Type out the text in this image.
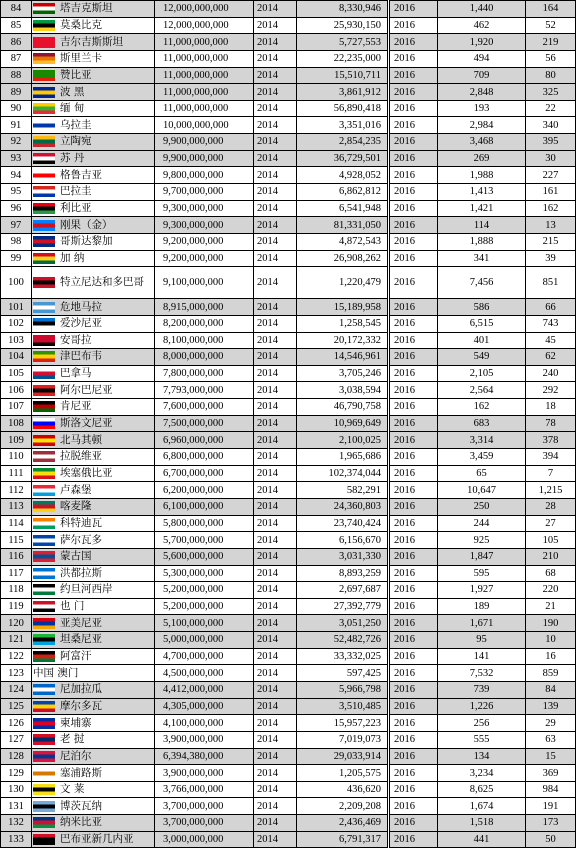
84	塔吉克斯坦	12,000,000,000	2014	8,330,946	2016	1,440	164
85	莫桑比克	12,000,000,000	2014	25,930,150	2016	462	52
86	吉尔吉斯斯坦	11,000,000,000	2014	5,727,553	2016	1,920	219
87	斯里兰卡	11,000,000,000	2014	22,235,000	2016	494	56
88	赞比亚	11,000,000,000	2014	15,510,711	2016	709	80
89	波 黑	11,000,000,000	2014	3,861,912	2016	2,848	325
90	缅 甸	11,000,000,000	2014	56,890,418	2016	193	22
91	乌拉圭	10,000,000,000	2014	3,351,016	2016	2,984	340
92	立陶宛	9,900,000,000	2014	2,854,235	2016	3,468	395
93	苏 丹	9,900,000,000	2014	36,729,501	2016	269	30
94	格鲁吉亚	9,800,000,000	2014	4,928,052	2016	1,988	227
95	巴拉圭	9,700,000,000	2014	6,862,812	2016	1,413	161
96	利比亚	9,300,000,000	2014	6,541,948	2016	1,421	162
97	刚果（金）	9,300,000,000	2014	81,331,050	2016	114	13
98	哥斯达黎加	9,200,000,000	2014	4,872,543	2016	1,888	215
99	加 纳	9,200,000,000	2014	26,908,262	2016	341	39
100	特立尼达和多巴哥	9,100,000,000	2014	1,220,479	2016	7,456	851
101	危地马拉	8,915,000,000	2014	15,189,958	2016	586	66
102	爱沙尼亚	8,200,000,000	2014	1,258,545	2016	6,515	743
103	安哥拉	8,100,000,000	2014	20,172,332	2016	401	45
104	津巴布韦	8,000,000,000	2014	14,546,961	2016	549	62
105	巴拿马	7,800,000,000	2014	3,705,246	2016	2,105	240
106	阿尔巴尼亚	7,793,000,000	2014	3,038,594	2016	2,564	292
107	肯尼亚	7,600,000,000	2014	46,790,758	2016	162	18
108	斯洛文尼亚	7,500,000,000	2014	10,969,649	2016	683	78
109	北马其顿	6,960,000,000	2014	2,100,025	2016	3,314	378
110	拉脱维亚	6,800,000,000	2014	1,965,686	2016	3,459	394
111	埃塞俄比亚	6,700,000,000	2014	102,374,044	2016	65	7
112	卢森堡	6,200,000,000	2014	582,291	2016	10,647	1,215
113	喀麦隆	6,100,000,000	2014	24,360,803	2016	250	28
114	科特迪瓦	5,800,000,000	2014	23,740,424	2016	244	27
115	萨尔瓦多	5,700,000,000	2014	6,156,670	2016	925	105
116	蒙古国	5,600,000,000	2014	3,031,330	2016	1,847	210
117	洪都拉斯	5,300,000,000	2014	8,893,259	2016	595	68
118	约旦河西岸	5,200,000,000	2014	2,697,687	2016	1,927	220
119	也 门	5,200,000,000	2014	27,392,779	2016	189	21
120	亚美尼亚	5,100,000,000	2014	3,051,250	2016	1,671	190
121	坦桑尼亚	5,000,000,000	2014	52,482,726	2016	95	10
122	阿富汗	4,700,000,000	2014	33,332,025	2016	141	16
123	中国 澳门	4,500,000,000	2014	597,425	2016	7,532	859
124	尼加拉瓜	4,412,000,000	2014	5,966,798	2016	739	84
125	摩尔多瓦	4,305,000,000	2014	3,510,485	2016	1,226	139
126	柬埔寨	4,100,000,000	2014	15,957,223	2016	256	29
127	老 挝	3,900,000,000	2014	7,019,073	2016	555	63
128	尼泊尔	6,394,380,000	2014	29,033,914	2016	134	15
129	塞浦路斯	3,900,000,000	2014	1,205,575	2016	3,234	369
130	文 莱	3,766,000,000	2014	436,620	2016	8,625	984
131	博茨瓦纳	3,700,000,000	2014	2,209,208	2016	1,674	191
132	纳米比亚	3,700,000,000	2014	2,436,469	2016	1,518	173
133	巴布亚新几内亚	3,000,000,000	2014	6,791,317	2016	441	50
